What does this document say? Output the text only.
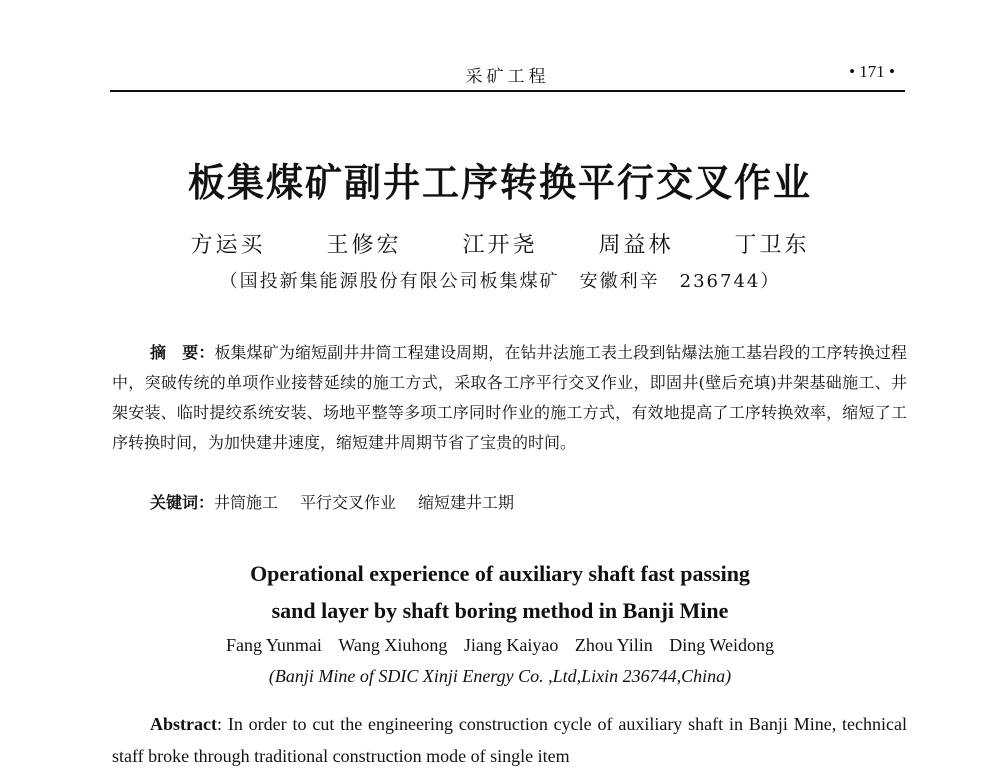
采矿工程	• 171 •
板集煤矿副井工序转换平行交叉作业
方运买	王修宏	江开尧	周益林	丁卫东
（国投新集能源股份有限公司板集煤矿　安徽利辛　236744）
摘　要：板集煤矿为缩短副井井筒工程建设周期，在钻井法施工表土段到钻爆法施工基岩段的工序转换过程中，突破传统的单项作业接替延续的施工方式，采取各工序平行交叉作业，即固井(壁后充填)井架基础施工、井架安装、临时提绞系统安装、场地平整等多项工序同时作业的施工方式，有效地提高了工序转换效率，缩短了工序转换时间，为加快建井速度，缩短建井周期节省了宝贵的时间。
关键词：井筒施工 平行交叉作业 缩短建井工期
Operational experience of auxiliary shaft fast passing
sand layer by shaft boring method in Banji Mine
Fang Yunmai Wang Xiuhong Jiang Kaiyao Zhou Yilin Ding Weidong
(Banji Mine of SDIC Xinji Energy Co. ,Ltd,Lixin 236744,China)
Abstract: In order to cut the engineering construction cycle of auxiliary shaft in Banji Mine, technical staff broke through traditional construction mode of single item
